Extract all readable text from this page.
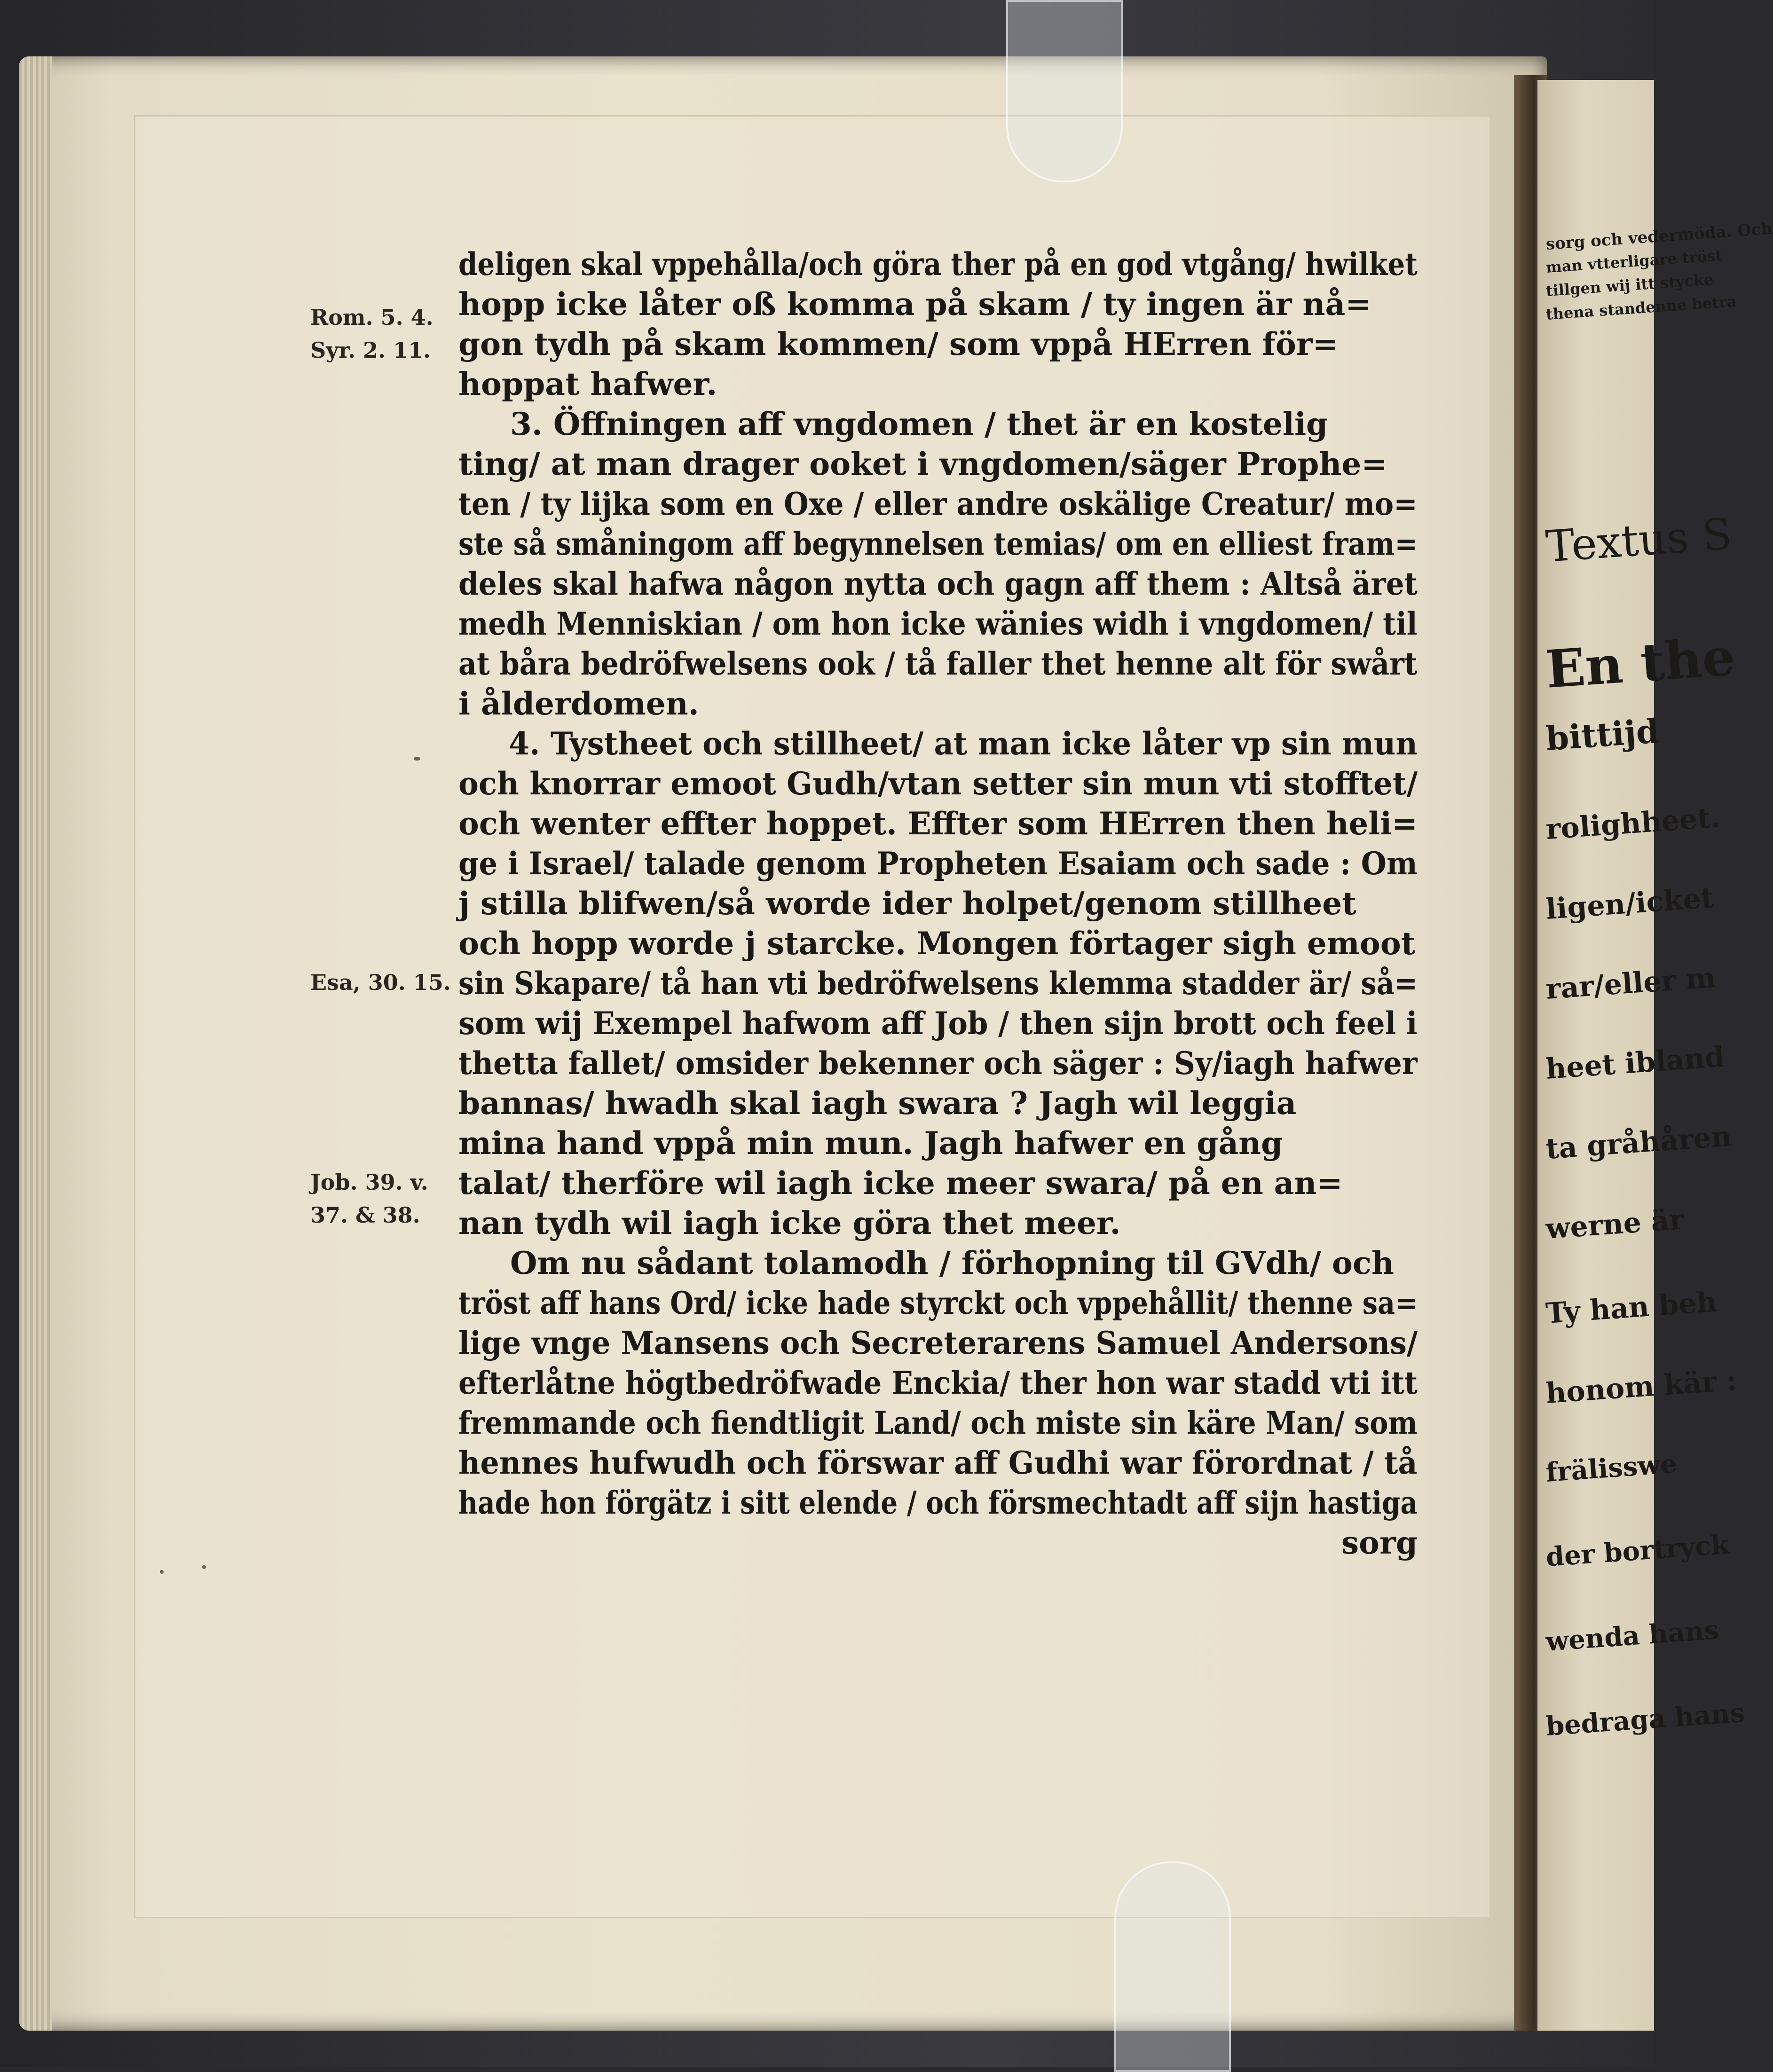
sorg och vedermöda. Och
man vtterligare tröst
tillgen wij itt stycke
thena standenne betra
Textus S
En the
bittijd
rolighheet.
ligen/icket
rar/eller m
heet ibland
ta gråhåren
werne är
Ty han beh
honom kär :
frälisswe
der bortryck
wenda hans
bedraga hans
Rom. 5. 4.
Syr. 2. 11.
Esa, 30. 15.
Job. 39. v.
37. & 38.
deligen skal vppehålla/och göra ther på en god vtgång/ hwilket
hopp icke låter oß komma på skam / ty ingen är nå=
gon tydh på skam kommen/ som vppå HErren för=
hoppat hafwer.
3. Öffningen aff vngdomen / thet är en kostelig
ting/ at man drager ooket i vngdomen/säger Prophe=
ten / ty lijka som en Oxe / eller andre oskälige Creatur/ mo=
ste så småningom aff begynnelsen temias/ om en elliest fram=
deles skal hafwa någon nytta och gagn aff them : Altså äret
medh Menniskian / om hon icke wänies widh i vngdomen/ til
at båra bedröfwelsens ook / tå faller thet henne alt för swårt
i ålderdomen.
4. Tystheet och stillheet/ at man icke låter vp sin mun
och knorrar emoot Gudh/vtan setter sin mun vti stofftet/
och wenter effter hoppet. Effter som HErren then heli=
ge i Israel/ talade genom Propheten Esaiam och sade : Om
j stilla blifwen/så worde ider holpet/genom stillheet
och hopp worde j starcke. Mongen förtager sigh emoot
sin Skapare/ tå han vti bedröfwelsens klemma stadder är/ så=
som wij Exempel hafwom aff Job / then sijn brott och feel i
thetta fallet/ omsider bekenner och säger : Sy/iagh hafwer
bannas/ hwadh skal iagh swara ? Jagh wil leggia
mina hand vppå min mun. Jagh hafwer en gång
talat/ therföre wil iagh icke meer swara/ på en an=
nan tydh wil iagh icke göra thet meer.
Om nu sådant tolamodh / förhopning til GVdh/ och
tröst aff hans Ord/ icke hade styrckt och vppehållit/ thenne sa=
lige vnge Mansens och Secreterarens Samuel Andersons/
efterlåtne högtbedröfwade Enckia/ ther hon war stadd vti itt
fremmande och fiendtligit Land/ och miste sin käre Man/ som
hennes hufwudh och förswar aff Gudhi war förordnat / tå
hade hon förgätz i sitt elende / och försmechtadt aff sijn hastiga
sorg
